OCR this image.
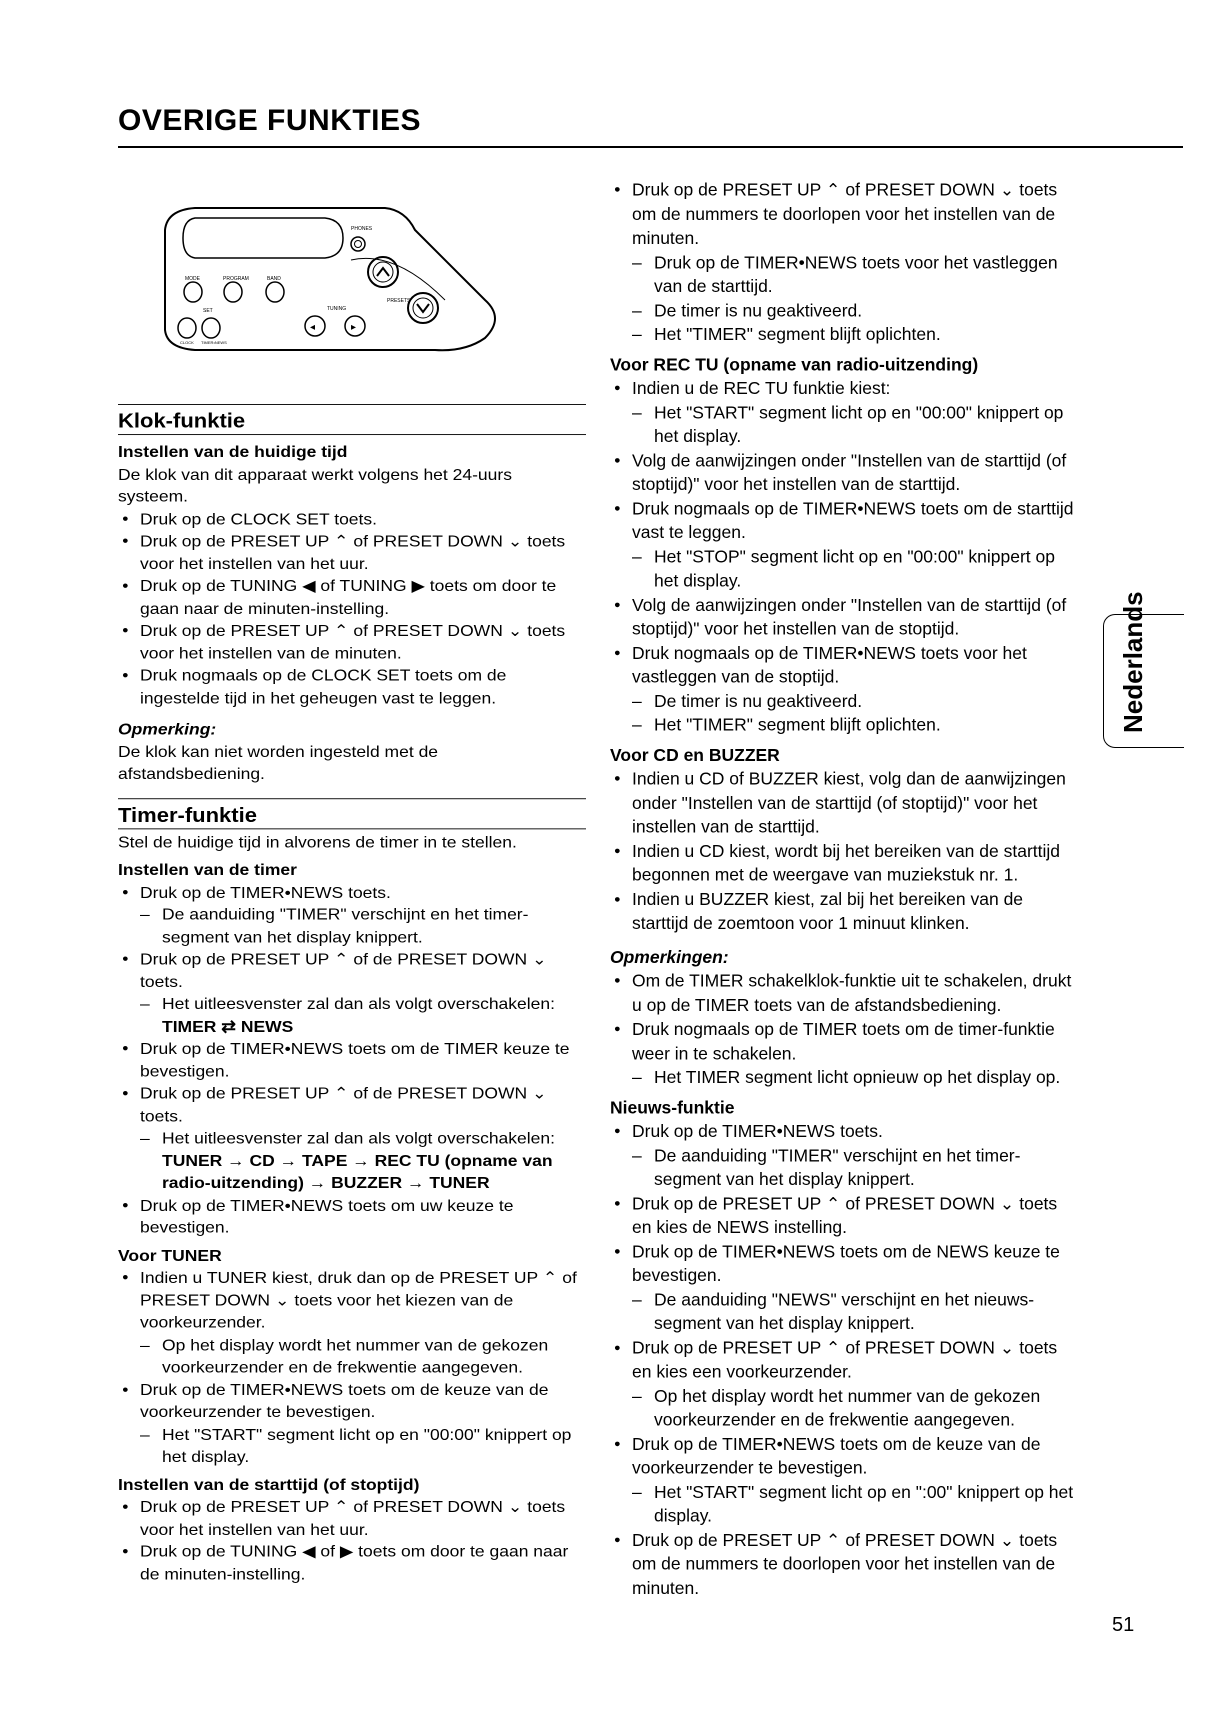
OVERIGE FUNKTIES
PHONES
MODE	PROGRAM	BAND
SET
CLOCK TIMER•NEWS
TUNING
◂	▸
PRESETS
Klok-funktie
Instellen van de huidige tijd
De klok van dit apparaat werkt volgens het 24-uurs systeem.
● Druk op de CLOCK SET toets.
● Druk op de PRESET UP ⌃ of PRESET DOWN ⌄ toets voor het instellen van het uur.
● Druk op de TUNING ◀ of TUNING ▶ toets om door te gaan naar de minuten-instelling.
● Druk op de PRESET UP ⌃ of PRESET DOWN ⌄ toets voor het instellen van de minuten.
● Druk nogmaals op de CLOCK SET toets om de ingestelde tijd in het geheugen vast te leggen.
Opmerking:
De klok kan niet worden ingesteld met de afstandsbediening.
Timer-funktie
Stel de huidige tijd in alvorens de timer in te stellen.
Instellen van de timer
● Druk op de TIMER•NEWS toets.
– De aanduiding "TIMER" verschijnt en het timer-segment van het display knippert.
● Druk op de PRESET UP ⌃ of de PRESET DOWN ⌄ toets.
– Het uitleesvenster zal dan als volgt overschakelen:
TIMER ⇄ NEWS
● Druk op de TIMER•NEWS toets om de TIMER keuze te bevestigen.
● Druk op de PRESET UP ⌃ of de PRESET DOWN ⌄ toets.
– Het uitleesvenster zal dan als volgt overschakelen:
TUNER → CD → TAPE → REC TU (opname van radio-uitzending) → BUZZER → TUNER
● Druk op de TIMER•NEWS toets om uw keuze te bevestigen.
Voor TUNER
● Indien u TUNER kiest, druk dan op de PRESET UP ⌃ of PRESET DOWN ⌄ toets voor het kiezen van de voorkeurzender.
– Op het display wordt het nummer van de gekozen voorkeurzender en de frekwentie aangegeven.
● Druk op de TIMER•NEWS toets om de keuze van de voorkeurzender te bevestigen.
– Het "START" segment licht op en "00:00" knippert op het display.
Instellen van de starttijd (of stoptijd)
● Druk op de PRESET UP ⌃ of PRESET DOWN ⌄ toets voor het instellen van het uur.
● Druk op de TUNING ◀ of ▶ toets om door te gaan naar de minuten-instelling.
● Druk op de PRESET UP ⌃ of PRESET DOWN ⌄ toets om de nummers te doorlopen voor het instellen van de minuten.
– Druk op de TIMER•NEWS toets voor het vastleggen van de starttijd.
– De timer is nu geaktiveerd.
– Het "TIMER" segment blijft oplichten.
Voor REC TU (opname van radio-uitzending)
● Indien u de REC TU funktie kiest:
– Het "START" segment licht op en "00:00" knippert op het display.
● Volg de aanwijzingen onder "Instellen van de starttijd (of stoptijd)" voor het instellen van de starttijd.
● Druk nogmaals op de TIMER•NEWS toets om de starttijd vast te leggen.
– Het "STOP" segment licht op en "00:00" knippert op het display.
● Volg de aanwijzingen onder "Instellen van de starttijd (of stoptijd)" voor het instellen van de stoptijd.
● Druk nogmaals op de TIMER•NEWS toets voor het vastleggen van de stoptijd.
– De timer is nu geaktiveerd.
– Het "TIMER" segment blijft oplichten.
Voor CD en BUZZER
● Indien u CD of BUZZER kiest, volg dan de aanwijzingen onder "Instellen van de starttijd (of stoptijd)" voor het instellen van de starttijd.
● Indien u CD kiest, wordt bij het bereiken van de starttijd begonnen met de weergave van muziekstuk nr. 1.
● Indien u BUZZER kiest, zal bij het bereiken van de starttijd de zoemtoon voor 1 minuut klinken.
Opmerkingen:
● Om de TIMER schakelklok-funktie uit te schakelen, drukt u op de TIMER toets van de afstandsbediening.
● Druk nogmaals op de TIMER toets om de timer-funktie weer in te schakelen.
– Het TIMER segment licht opnieuw op het display op.
Nieuws-funktie
● Druk op de TIMER•NEWS toets.
– De aanduiding "TIMER" verschijnt en het timer-segment van het display knippert.
● Druk op de PRESET UP ⌃ of PRESET DOWN ⌄ toets en kies de NEWS instelling.
● Druk op de TIMER•NEWS toets om de NEWS keuze te bevestigen.
– De aanduiding "NEWS" verschijnt en het nieuws-segment van het display knippert.
● Druk op de PRESET UP ⌃ of PRESET DOWN ⌄ toets en kies een voorkeurzender.
– Op het display wordt het nummer van de gekozen voorkeurzender en de frekwentie aangegeven.
● Druk op de TIMER•NEWS toets om de keuze van de voorkeurzender te bevestigen.
– Het "START" segment licht op en ":00" knippert op het display.
● Druk op de PRESET UP ⌃ of PRESET DOWN ⌄ toets om de nummers te doorlopen voor het instellen van de minuten.
Nederlands
51
